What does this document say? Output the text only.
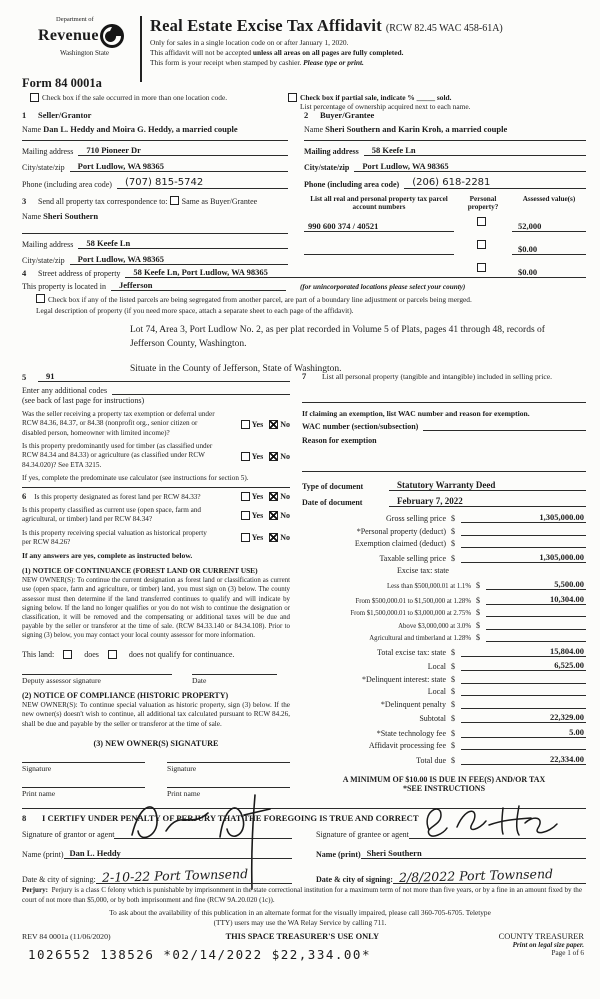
Department of
Revenue
Washington State
Real Estate Excise Tax Affidavit (RCW 82.45 WAC 458-61A)
Only for sales in a single location code on or after January 1, 2020.
This affidavit will not be accepted unless all areas on all pages are fully completed.
This form is your receipt when stamped by cashier. Please type or print.
Form 84 0001a
Check box if the sale occurred in more than one location code.	Check box if partial sale, indicate % _____ sold.
List percentage of ownership acquired next to each name.
1 Seller/Grantor
Name
Dan L. Heddy and Moira G. Heddy, a married couple
Mailing address	710 Pioneer Dr
City/state/zip	Port Ludlow, WA 98365
Phone (including area code)	(707) 815-5742
3	Send all property tax correspondence to:
Same as Buyer/Grantee
Name
Sheri Southern
Mailing address	58 Keefe Ln
City/state/zip	Port Ludlow, WA 98365
2 Buyer/Grantee
Name
Sheri Southern and Karin Kroh, a married couple
Mailing address	58 Keefe Ln
City/state/zip	Port Ludlow, WA 98365
Phone (including area code)	(206) 618-2281
List all real and personal property tax parcel account numbers
Personal property?
Assessed value(s)
990 600 374 / 40521	52,000
$0.00
$0.00
4	Street address of property	58 Keefe Ln, Port Ludlow, WA 98365
This property is located in	Jefferson	(for unincorporated locations please select your county)
Check box if any of the listed parcels are being segregated from another parcel, are part of a boundary line adjustment or parcels being merged.
Legal description of property (if you need more space, attach a separate sheet to each page of the affidavit).
Lot 74, Area 3, Port Ludlow No. 2, as per plat recorded in Volume 5 of Plats, pages 41 through 48, records of Jefferson County, Washington.
Situate in the County of Jefferson, State of Washington.
5	91
Enter any additional codes
(see back of last page for instructions)
Was the seller receiving a property tax exemption or deferral under RCW 84.36, 84.37, or 84.38 (nonprofit org., senior citizen or disabled person, homeowner with limited income)?
Yes No
Is this property predominantly used for timber (as classified under RCW 84.34 and 84.33) or agriculture (as classified under RCW 84.34.020)? See ETA 3215.
Yes No
If yes, complete the predominate use calculator (see instructions for section 5).
6 Is this property designated as forest land per RCW 84.33?	Yes No
Is this property classified as current use (open space, farm and agricultural, or timber) land per RCW 84.34?	Yes No
Is this property receiving special valuation as historical property per RCW 84.26?	Yes No
If any answers are yes, complete as instructed below.
(1) NOTICE OF CONTINUANCE (FOREST LAND OR CURRENT USE)
NEW OWNER(S): To continue the current designation as forest land or classification as current use (open space, farm and agriculture, or timber) land, you must sign on (3) below. The county assessor must then determine if the land transferred continues to qualify and will indicate by signing below. If the land no longer qualifies or you do not wish to continue the designation or classification, it will be removed and the compensating or additional taxes will be due and payable by the seller or transferor at the time of sale. (RCW 84.33.140 or 84.34.108). Prior to signing (3) below, you may contact your local county assessor for more information.
This land:	does	does not qualify for continuance.
Deputy assessor signature	Date
(2) NOTICE OF COMPLIANCE (HISTORIC PROPERTY)
NEW OWNER(S): To continue special valuation as historic property, sign (3) below. If the new owner(s) doesn't wish to continue, all additional tax calculated pursuant to RCW 84.26, shall be due and payable by the seller or transferor at the time of sale.
(3) NEW OWNER(S) SIGNATURE
Signature	Signature
Print name	Print name
7	List all personal property (tangible and intangible) included in selling price.
If claiming an exemption, list WAC number and reason for exemption.
WAC number (section/subsection)
Reason for exemption
Type of document	Statutory Warranty Deed
Date of document	February 7, 2022
Gross selling price $	1,305,000.00
*Personal property (deduct) $
Exemption claimed (deduct) $
Taxable selling price $	1,305,000.00
Excise tax: state
Less than $500,000.01 at 1.1% $	5,500.00
From $500,000.01 to $1,500,000 at 1.28% $	10,304.00
From $1,500,000.01 to $3,000,000 at 2.75% $
Above $3,000,000 at 3.0% $
Agricultural and timberland at 1.28% $
Total excise tax: state $	15,804.00
Local $	6,525.00
*Delinquent interest: state $
Local $
*Delinquent penalty $
Subtotal $	22,329.00
*State technology fee $	5.00
Affidavit processing fee $
Total due $	22,334.00
A MINIMUM OF $10.00 IS DUE IN FEE(S) AND/OR TAX
*SEE INSTRUCTIONS
8	I CERTIFY UNDER PENALTY OF PERJURY THAT THE FOREGOING IS TRUE AND CORRECT
Signature of grantor or agent
Name (print) Dan L. Heddy
Date & city of signing: 2-10-22 Port Townsend
Signature of grantee or agent
Name (print) Sheri Southern
Date & city of signing: 2/8/2022 Port Townsend
Perjury: Perjury is a class C felony which is punishable by imprisonment in the state correctional institution for a maximum term of not more than five years, or by a fine in an amount fixed by the court of not more than $5,000, or by both imprisonment and fine (RCW 9A.20.020 (1c)).
To ask about the availability of this publication in an alternate format for the visually impaired, please call 360-705-6705. Teletype
(TTY) users may use the WA Relay Service by calling 711.
REV 84 0001a (11/06/2020)	THIS SPACE TREASURER'S USE ONLY	COUNTY TREASURER
Print on legal size paper.
Page 1 of 6
1026552 138526 *02/14/2022 $22,334.00*
